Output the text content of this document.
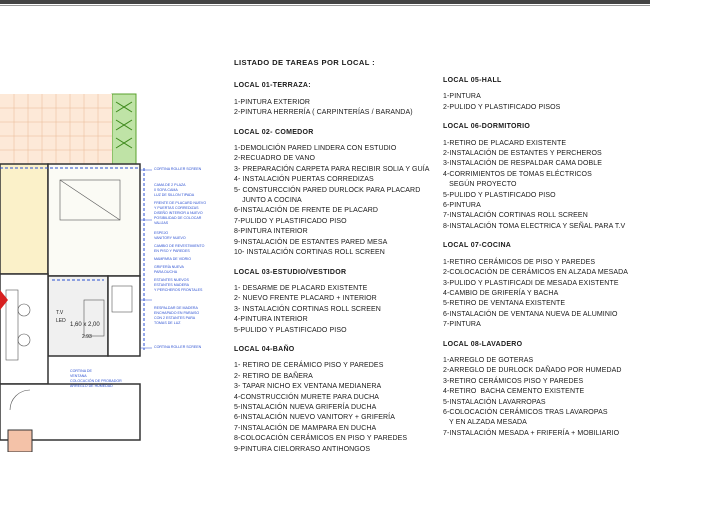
1,60 x 2,00
2.93
T.V
LED
CORTINA ROLLER SCREEN
CAMA DE 2 PLAZA
0 SOFA CAMA
LUZ DE SILLON TIPADA
FRENTE DE PLACARD NUEVO
Y PUERTAS CORREDIZAS
DISEÑO INTERIOR A NUEVO
POSIBILIDAD DE COLOCAR
VALIJAS
ESPEJO
VANITORY NUEVO
CAMBIO DE REVESTIMIENTO
EN PISO Y PAREDES
MAMPARA DE VIDRIO
GRIFERÍA NUEVA
PARA DUCHA
ESTANTES NUEVOS
ESTANTES MADERA
Y PERCHEROS FRONTALES
RESPALDAR DE MADERA
ENCHAPADO EN PARAISO
CON 2 ESTANTES PARA
TOMAS DE LUZ
CORTINA ROLLER SCREEN
CORTINA DE
VENTANA
COLOCACIÓN DE PROBADOR
ARREGLO DE HUMEDAD
LISTADO DE TAREAS POR LOCAL :
LOCAL 01-TERRAZA:
1-PINTURA EXTERIOR
2-PINTURA HERRERÍA ( CARPINTERÍAS / BARANDA)
LOCAL 02- COMEDOR
1-DEMOLICIÓN PARED LINDERA CON ESTUDIO
2-RECUADRO DE VANO
3- PREPARACIÓN CARPETA PARA RECIBIR SOLIA Y GUÍA
4- INSTALACIÓN PUERTAS CORREDIZAS
5- CONSTURCCIÓN PARED DURLOCK PARA PLACARD
JUNTO A COCINA
6-INSTALACIÓN DE FRENTE DE PLACARD
7-PULIDO Y PLASTIFICADO PISO
8-PINTURA INTERIOR
9-INSTALACIÓN DE ESTANTES PARED MESA
10- INSTALACIÓN CORTINAS ROLL SCREEN
LOCAL 03-ESTUDIO/VESTIDOR
1- DESARME DE PLACARD EXISTENTE
2- NUEVO FRENTE PLACARD + INTERIOR
3- INSTALACIÓN CORTINAS ROLL SCREEN
4-PINTURA INTERIOR
5-PULIDO Y PLASTIFICADO PISO
LOCAL 04-BAÑO
1- RETIRO DE CERÁMICO PISO Y PAREDES
2- RETIRO DE BAÑERA
3- TAPAR NICHO EX VENTANA MEDIANERA
4-CONSTRUCCIÓN MURETE PARA DUCHA
5-INSTALACIÓN NUEVA GRIFERÍA DUCHA
6-INSTALACIÓN NUEVO VANITORY + GRIFERÍA
7-INSTALACIÓN DE MAMPARA EN DUCHA
8-COLOCACIÓN CERÁMICOS EN PISO Y PAREDES
9-PINTURA CIELORRASO ANTIHONGOS
LOCAL 05-HALL
1-PINTURA
2-PULIDO Y PLASTIFICADO PISOS
LOCAL 06-DORMITORIO
1-RETIRO DE PLACARD EXISTENTE
2-INSTALACIÓN DE ESTANTES Y PERCHEROS
3-INSTALACIÓN DE RESPALDAR CAMA DOBLE
4-CORRIMIENTOS DE TOMAS ELÉCTRICOS
SEGÚN PROYECTO
5-PULIDO Y PLASTIFICADO PISO
6-PINTURA
7-INSTALACIÓN CORTINAS ROLL SCREEN
8-INSTALACIÓN TOMA ELECTRICA Y SEÑAL PARA T.V
LOCAL 07-COCINA
1-RETIRO CERÁMICOS DE PISO Y PAREDES
2-COLOCACIÓN DE CERÁMICOS EN ALZADA MESADA
3-PULIDO Y PLASTIFICADI DE MESADA EXISTENTE
4-CAMBIO DE GRIFERÍA Y BACHA
5-RETIRO DE VENTANA EXISTENTE
6-INSTALACIÓN DE VENTANA NUEVA DE ALUMINIO
7-PINTURA
LOCAL 08-LAVADERO
1-ARREGLO DE GOTERAS
2-ARREGLO DE DURLOCK DAÑADO POR HUMEDAD
3-RETIRO CERÁMICOS PISO Y PAREDES
4-RETIRO  BACHA CEMENTO EXISTENTE
5-INSTALACIÓN LAVARROPAS
6-COLOCACIÓN CERÁMICOS TRAS LAVAROPAS
Y EN ALZADA MESADA
7-INSTALACIÓN MESADA + FRIFERÍA + MOBILIARIO
